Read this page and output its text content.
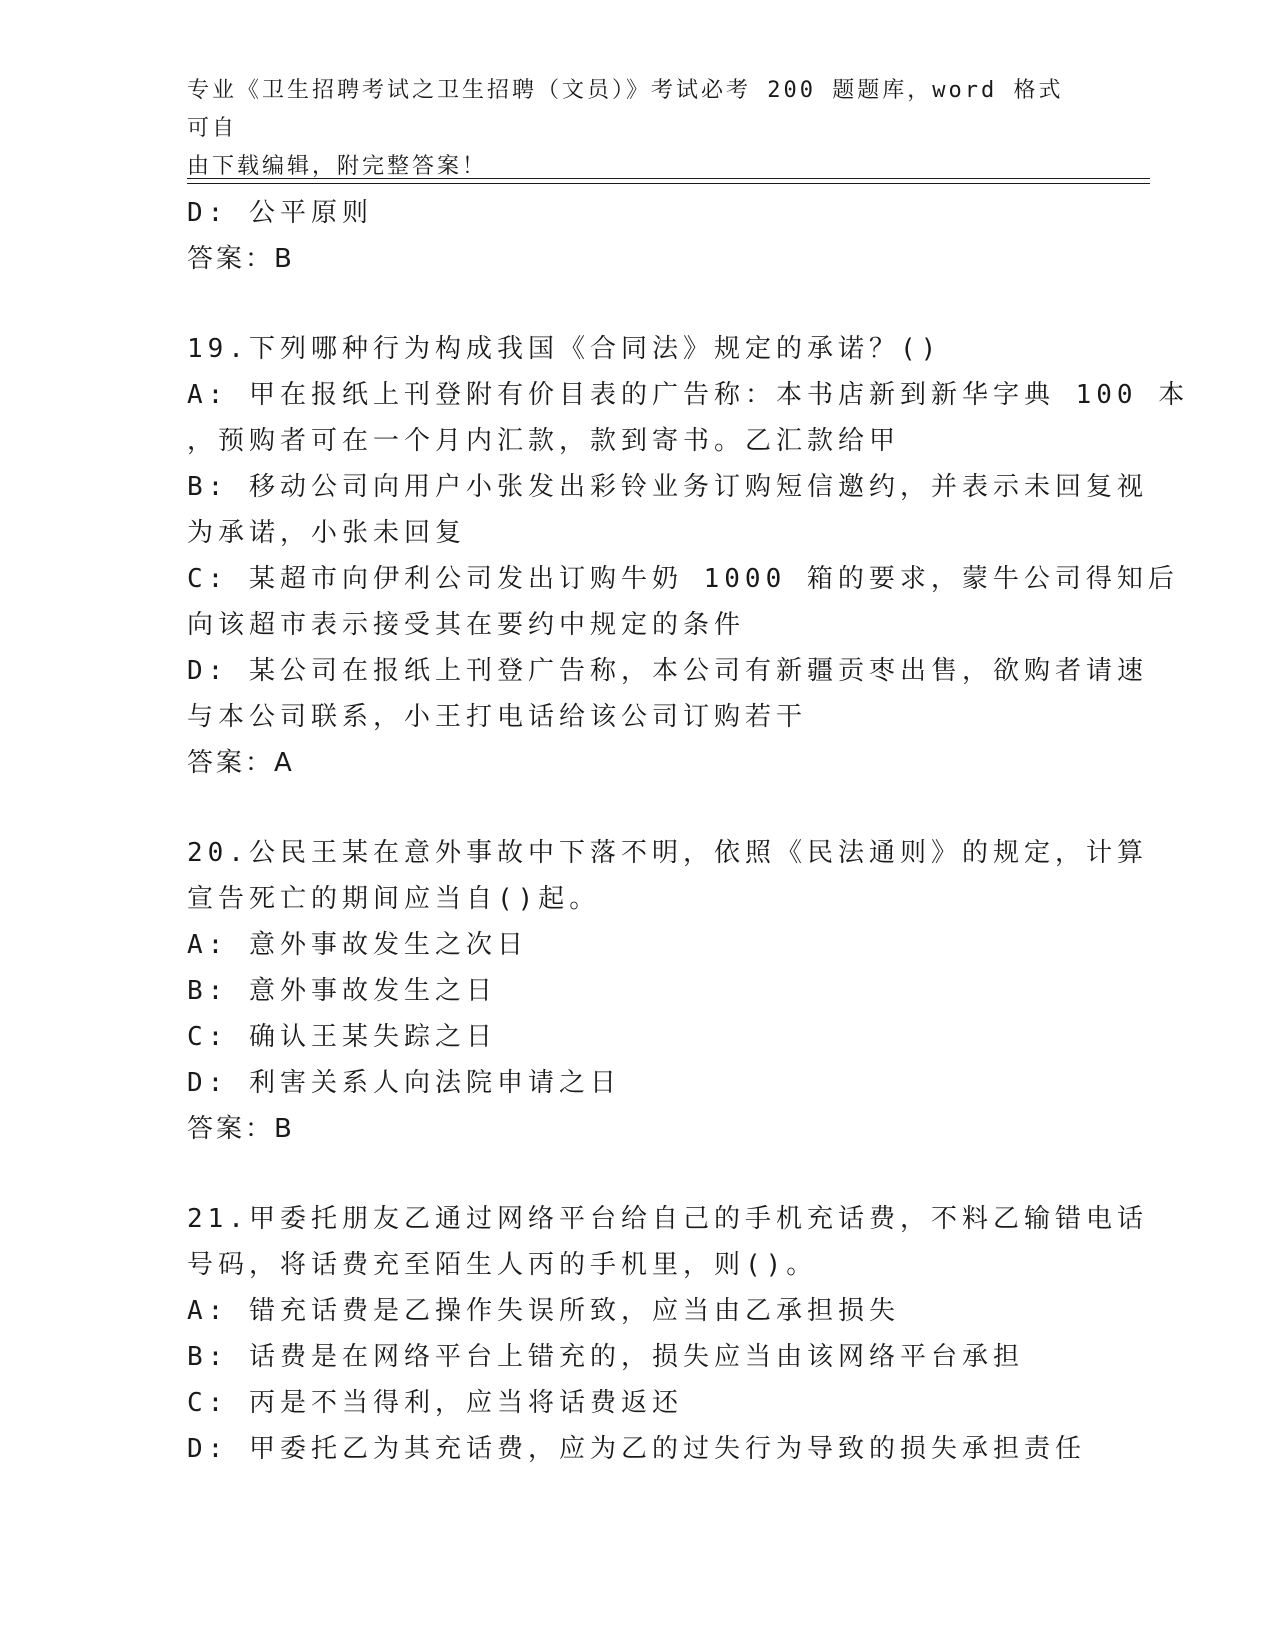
专业《卫生招聘考试之卫生招聘（文员）》考试必考 200 题题库，word 格式可自
由下载编辑，附完整答案！
D: 公平原则
答案：B
19.下列哪种行为构成我国《合同法》规定的承诺？()
A: 甲在报纸上刊登附有价目表的广告称：本书店新到新华字典 100 本
，预购者可在一个月内汇款，款到寄书。乙汇款给甲
B: 移动公司向用户小张发出彩铃业务订购短信邀约，并表示未回复视
为承诺，小张未回复
C: 某超市向伊利公司发出订购牛奶 1000 箱的要求，蒙牛公司得知后
向该超市表示接受其在要约中规定的条件
D: 某公司在报纸上刊登广告称，本公司有新疆贡枣出售，欲购者请速
与本公司联系，小王打电话给该公司订购若干
答案：A
20.公民王某在意外事故中下落不明，依照《民法通则》的规定，计算
宣告死亡的期间应当自()起。
A: 意外事故发生之次日
B: 意外事故发生之日
C: 确认王某失踪之日
D: 利害关系人向法院申请之日
答案：B
21.甲委托朋友乙通过网络平台给自己的手机充话费，不料乙输错电话
号码，将话费充至陌生人丙的手机里，则()。
A: 错充话费是乙操作失误所致，应当由乙承担损失
B: 话费是在网络平台上错充的，损失应当由该网络平台承担
C: 丙是不当得利，应当将话费返还
D: 甲委托乙为其充话费，应为乙的过失行为导致的损失承担责任
